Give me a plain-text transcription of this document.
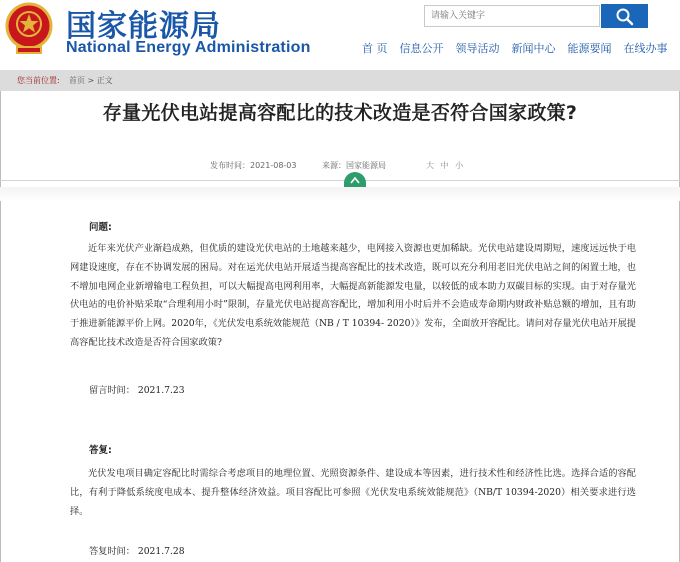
国家能源局
National Energy Administration
请输入关键字	首 页 信息公开 领导活动 新闻中心 能源要闻 在线办事
您当前位置: 首页 > 正文
存量光伏电站提高容配比的技术改造是否符合国家政策?
发布时间：2021-08-03	来源：国家能源局	大 中 小
问题:
近年来光伏产业渐趋成熟，但优质的建设光伏电站的土地越来越少，电网接入资源也更加稀缺。光伏电站建设周期短，速度远远快于电网建设速度，存在不协调发展的困局。对在运光伏电站开展适当提高容配比的技术改造，既可以充分利用老旧光伏电站之间的闲置土地，也不增加电网企业新增输电工程负担，可以大幅提高电网利用率，大幅提高新能源发电量，以较低的成本助力双碳目标的实现。由于对存量光伏电站的电价补贴采取“合理利用小时”限制，存量光伏电站提高容配比，增加利用小时后并不会造成寿命期内财政补贴总额的增加，且有助于推进新能源平价上网。2020年，《光伏发电系统效能规范（NB / T 10394- 2020）》发布，全面放开容配比。请问对存量光伏电站开展提高容配比技术改造是否符合国家政策?
留言时间： 2021.7.23
答复:
光伏发电项目确定容配比时需综合考虑项目的地理位置、光照资源条件、建设成本等因素，进行技术性和经济性比选。选择合适的容配比，有利于降低系统度电成本、提升整体经济效益。项目容配比可参照《光伏发电系统效能规范》（NB/T 10394-2020）相关要求进行选择。
答复时间： 2021.7.28
